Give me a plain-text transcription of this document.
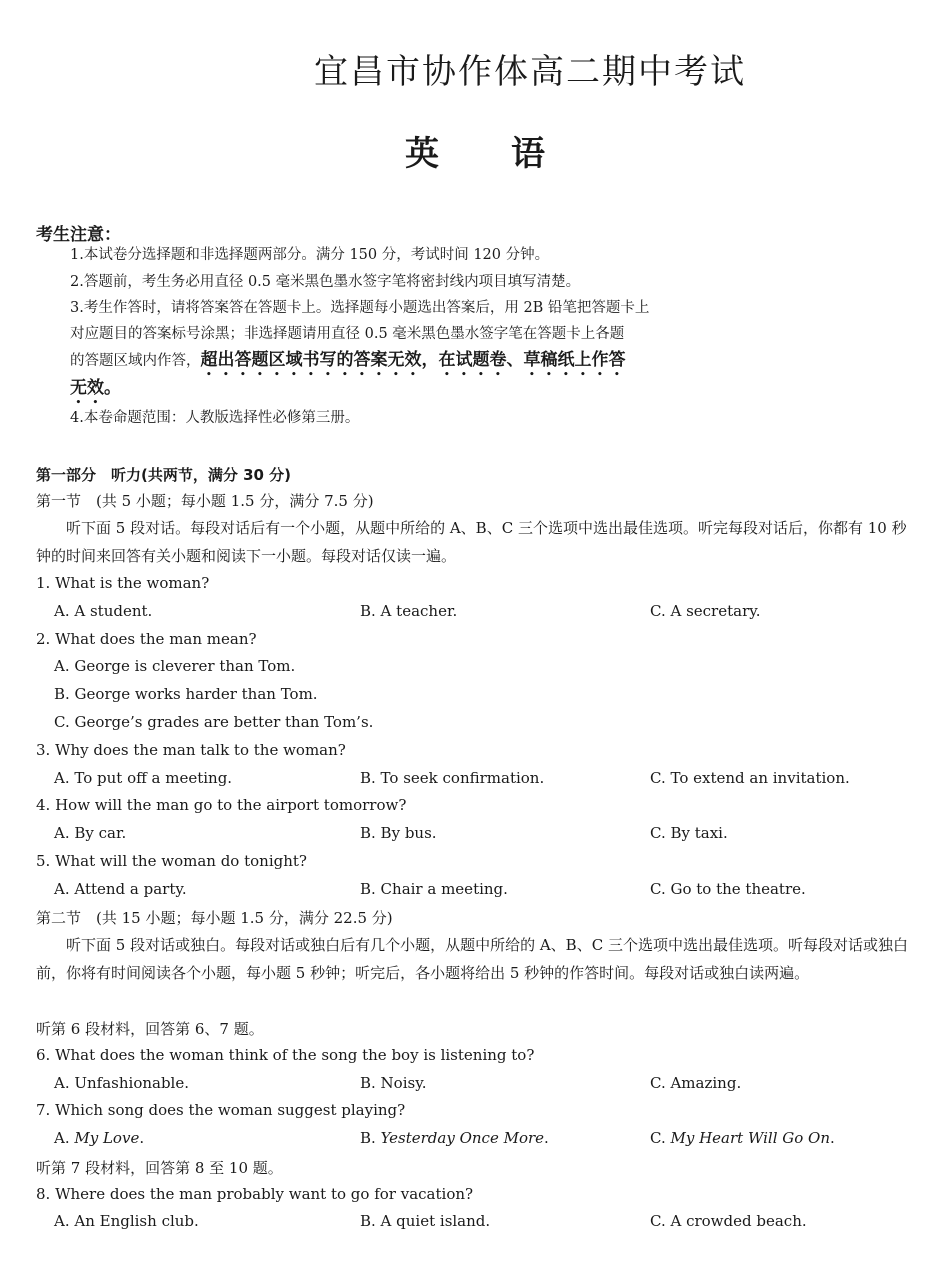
宜昌市协作体高二期中考试
英 语
考生注意：
1.本试卷分选择题和非选择题两部分。满分 150 分，考试时间 120 分钟。
2.答题前，考生务必用直径 0.5 毫米黑色墨水签字笔将密封线内项目填写清楚。
3.考生作答时，请将答案答在答题卡上。选择题每小题选出答案后，用 2B 铅笔把答题卡上
对应题目的答案标号涂黑；非选择题请用直径 0.5 毫米黑色墨水签字笔在答题卡上各题
的答题区域内作答，超出答题区域书写的答案无效，在试题卷、草稿纸上作答
无效。
4.本卷命题范围：人教版选择性必修第三册。
第一部分　听力(共两节，满分 30 分)
第一节　(共 5 小题；每小题 1.5 分，满分 7.5 分)
听下面 5 段对话。每段对话后有一个小题，从题中所给的 A、B、C 三个选项中选出最佳选项。听完每段对话后，你都有 10 秒钟的时间来回答有关小题和阅读下一小题。每段对话仅读一遍。
1. What is the woman?
A. A student.	B. A teacher.	C. A secretary.
2. What does the man mean?
A. George is cleverer than Tom.
B. George works harder than Tom.
C. George’s grades are better than Tom’s.
3. Why does the man talk to the woman?
A. To put off a meeting.	B. To seek confirmation.	C. To extend an invitation.
4. How will the man go to the airport tomorrow?
A. By car.	B. By bus.	C. By taxi.
5. What will the woman do tonight?
A. Attend a party.	B. Chair a meeting.	C. Go to the theatre.
第二节　(共 15 小题；每小题 1.5 分，满分 22.5 分)
听下面 5 段对话或独白。每段对话或独白后有几个小题，从题中所给的 A、B、C 三个选项中选出最佳选项。听每段对话或独白前，你将有时间阅读各个小题，每小题 5 秒钟；听完后，各小题将给出 5 秒钟的作答时间。每段对话或独白读两遍。
听第 6 段材料，回答第 6、7 题。
6. What does the woman think of the song the boy is listening to?
A. Unfashionable.	B. Noisy.	C. Amazing.
7. Which song does the woman suggest playing?
A. My Love.	B. Yesterday Once More.	C. My Heart Will Go On.
听第 7 段材料，回答第 8 至 10 题。
8. Where does the man probably want to go for vacation?
A. An English club.	B. A quiet island.	C. A crowded beach.
